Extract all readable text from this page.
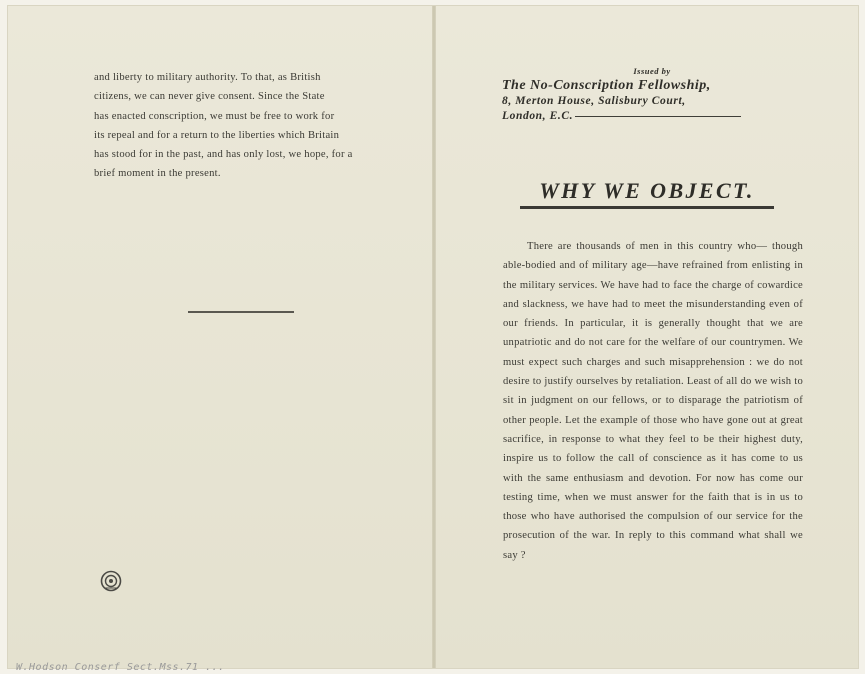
and liberty to military authority. To that, as British

citizens, we can never give consent. Since the State

has enacted conscription, we must be free to work for

its repeal and for a return to the liberties which Britain

has stood for in the past, and has only lost, we hope, for a

brief moment in the present.

Issued by
The No-Conscription Fellowship,
8, Merton House, Salisbury Court,
London, E.C.
WHY WE OBJECT.

There are thousands of men in this country who— though able-bodied and of military age—have refrained from enlisting in the military services. We have had to face the charge of cowardice and slackness, we have had to meet the misunderstanding even of our friends. In particular, it is generally thought that we are unpatriotic and do not care for the welfare of our countrymen. We must expect such charges and such misapprehension : we do not desire to justify ourselves by retaliation. Least of all do we wish to sit in judgment on our fellows, or to disparage the patriotism of other people. Let the example of those who have gone out at great sacrifice, in response to what they feel to be their highest duty, inspire us to follow the call of conscience as it has come to us with the same enthusiasm and devotion. For now has come our testing time, when we must answer for the faith that is in us to those who have authorised the compulsion of our service for the prosecution of the war. In reply to this command what shall we say ?

W.Hodson Conserf Sect.Mss.71 ...
